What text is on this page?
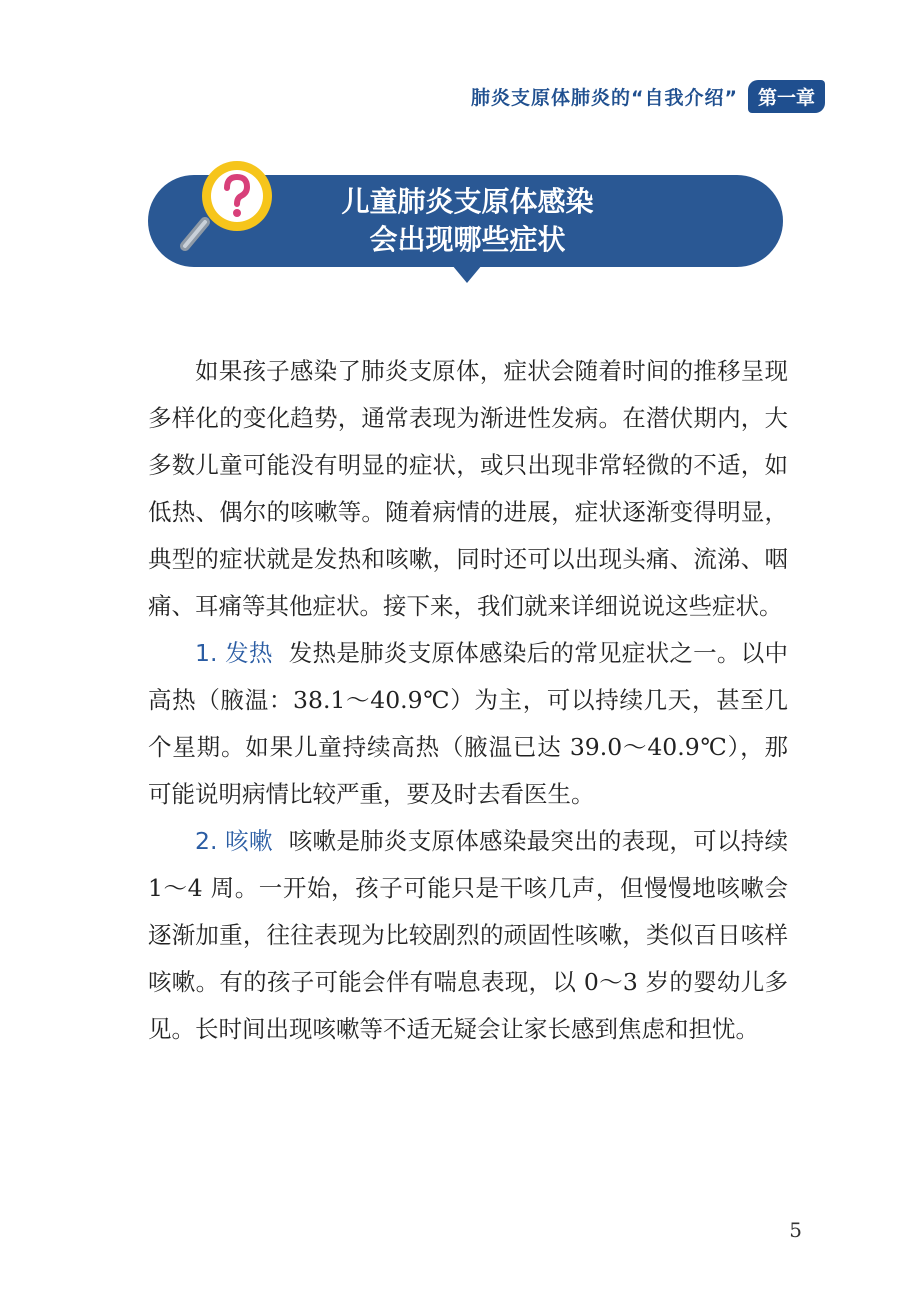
肺炎支原体肺炎的“自我介绍”	第一章
儿童肺炎支原体感染
会出现哪些症状

如果孩子感染了肺炎支原体，症状会随着时间的推移呈现多样化的变化趋势，通常表现为渐进性发病。在潜伏期内，大多数儿童可能没有明显的症状，或只出现非常轻微的不适，如低热、偶尔的咳嗽等。随着病情的进展，症状逐渐变得明显，典型的症状就是发热和咳嗽，同时还可以出现头痛、流涕、咽痛、耳痛等其他症状。接下来，我们就来详细说说这些症状。

1. 发热 发热是肺炎支原体感染后的常见症状之一。以中高热（腋温：38.1～40.9℃）为主，可以持续几天，甚至几个星期。如果儿童持续高热（腋温已达 39.0～40.9℃），那可能说明病情比较严重，要及时去看医生。

2. 咳嗽 咳嗽是肺炎支原体感染最突出的表现，可以持续 1～4 周。一开始，孩子可能只是干咳几声，但慢慢地咳嗽会逐渐加重，往往表现为比较剧烈的顽固性咳嗽，类似百日咳样咳嗽。有的孩子可能会伴有喘息表现，以 0～3 岁的婴幼儿多见。长时间出现咳嗽等不适无疑会让家长感到焦虑和担忧。

5
